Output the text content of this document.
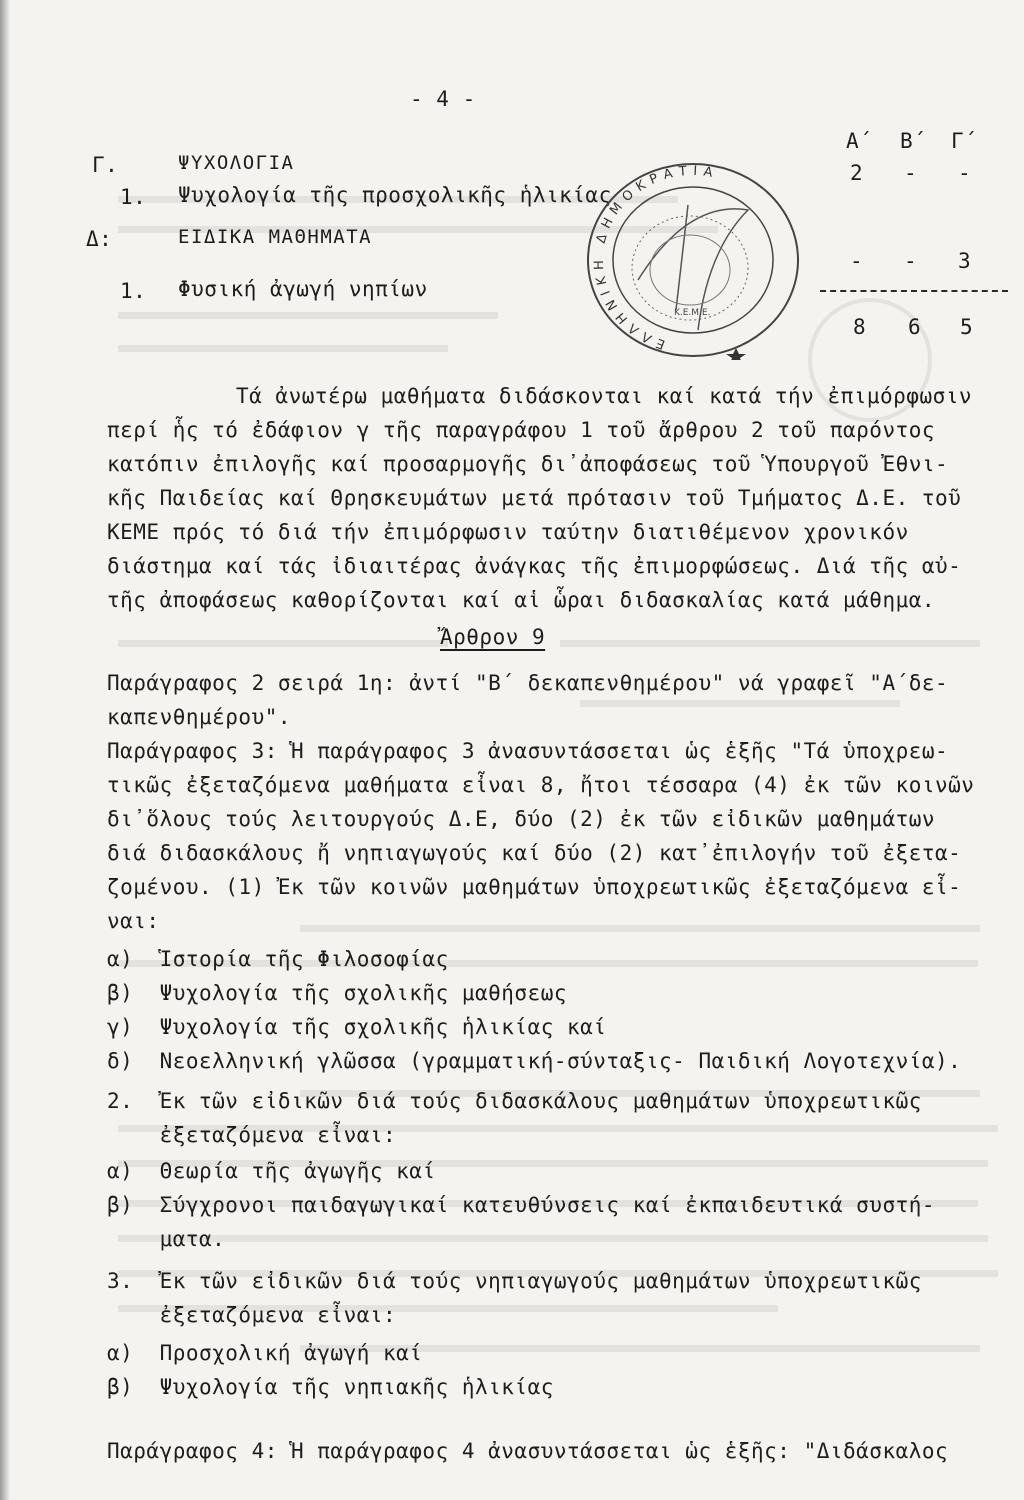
- 4 -
Α΄ Β΄ Γ΄
Γ.	ΨΥΧΟΛΟΓΙΑ
1. Ψυχολογία τῆς προσχολικῆς ἡλικίας
2 - -
Δ:	ΕΙΔΙΚΑ ΜΑΘΗΜΑΤΑ
1. Φυσική ἀγωγή νηπίων
- - 3
8 6 5
ΕΛΛΗΝΙΚΗ ΔΗΜΟΚΡΑΤΙΑ
Κ.Ε.Μ.Ε.
Τά ἀνωτέρω μαθήματα διδάσκονται καί κατά τήν ἐπιμόρφωσιν
περί ἧς τό ἐδάφιον γ τῆς παραγράφου 1 τοῦ ἄρθρου 2 τοῦ παρόντος
κατόπιν ἐπιλογῆς καί προσαρμογῆς δι᾽ἀποφάσεως τοῦ Ὑπουργοῦ Ἐθνι-
κῆς Παιδείας καί Θρησκευμάτων μετά πρότασιν τοῦ Τμήματος Δ.Ε. τοῦ
ΚΕΜΕ πρός τό διά τήν ἐπιμόρφωσιν ταύτην διατιθέμενον χρονικόν
διάστημα καί τάς ἰδιαιτέρας ἀνάγκας τῆς ἐπιμορφώσεως. Διά τῆς αὐ-
τῆς ἀποφάσεως καθορίζονται καί αἱ ὧραι διδασκαλίας κατά μάθημα.
Ἄρθρον 9
Παράγραφος 2 σειρά 1η: ἀντί "Β΄ δεκαπενθημέρου" νά γραφεῖ "Α΄δε-
καπενθημέρου".
Παράγραφος 3: Ἡ παράγραφος 3 ἀνασυντάσσεται ὡς ἑξῆς "Τά ὑποχρεω-
τικῶς ἐξεταζόμενα μαθήματα εἶναι 8, ἤτοι τέσσαρα (4) ἐκ τῶν κοινῶν
δι᾽ὅλους τούς λειτουργούς Δ.Ε, δύο (2) ἐκ τῶν εἰδικῶν μαθημάτων
διά διδασκάλους ἤ νηπιαγωγούς καί δύο (2) κατ᾽ἐπιλογήν τοῦ ἐξετα-
ζομένου. (1) Ἐκ τῶν κοινῶν μαθημάτων ὑποχρεωτικῶς ἐξεταζόμενα εἶ-
ναι:
α)  Ἱστορία τῆς Φιλοσοφίας
β)  Ψυχολογία τῆς σχολικῆς μαθήσεως
γ)  Ψυχολογία τῆς σχολικῆς ἡλικίας καί
δ)  Νεοελληνική γλῶσσα (γραμματική-σύνταξις- Παιδική Λογοτεχνία).
2.  Ἐκ τῶν εἰδικῶν διά τούς διδασκάλους μαθημάτων ὑποχρεωτικῶς
ἐξεταζόμενα εἶναι:
α)  Θεωρία τῆς ἀγωγῆς καί
β)  Σύγχρονοι παιδαγωγικαί κατευθύνσεις καί ἐκπαιδευτικά συστή-
ματα.
3.  Ἐκ τῶν εἰδικῶν διά τούς νηπιαγωγούς μαθημάτων ὑποχρεωτικῶς
ἐξεταζόμενα εἶναι:
α)  Προσχολική ἀγωγή καί
β)  Ψυχολογία τῆς νηπιακῆς ἡλικίας
Παράγραφος 4: Ἡ παράγραφος 4 ἀνασυντάσσεται ὡς ἑξῆς: "Διδάσκαλος
